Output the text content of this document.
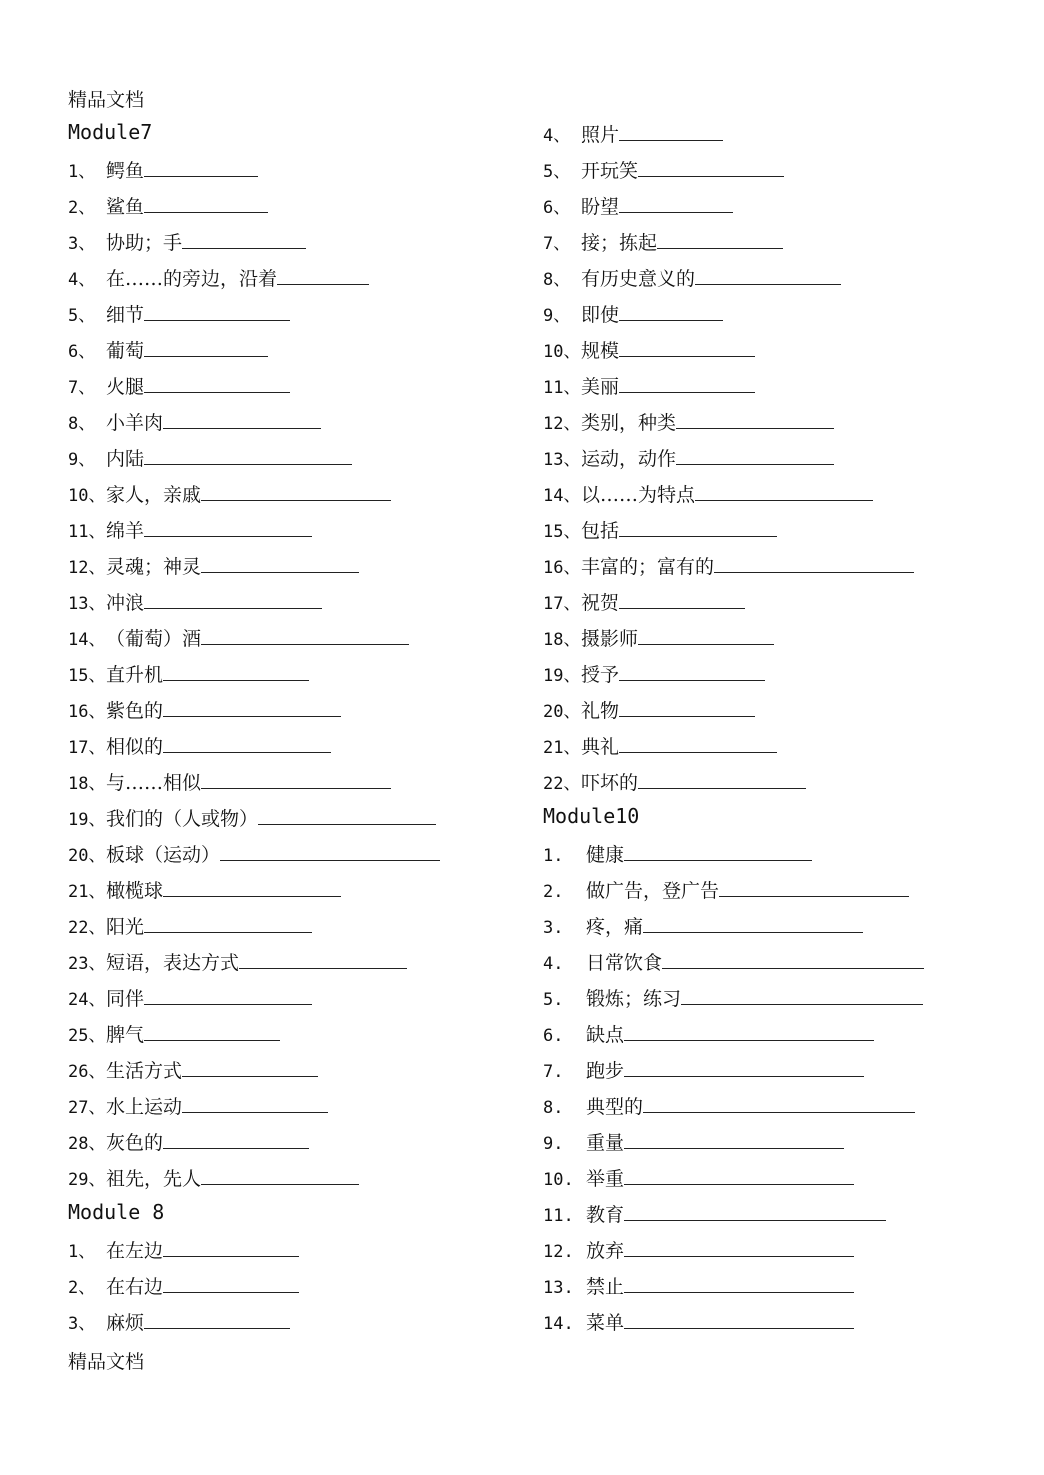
精品文档
Module7
1、 鳄鱼
2、 鲨鱼
3、 协助；手
4、 在……的旁边，沿着
5、 细节
6、 葡萄
7、 火腿
8、 小羊肉
9、 内陆
10、家人，亲戚
11、绵羊
12、灵魂；神灵
13、冲浪
14、（葡萄）酒
15、直升机
16、紫色的
17、相似的
18、与……相似
19、我们的（人或物）
20、板球（运动）
21、橄榄球
22、阳光
23、短语，表达方式
24、同伴
25、脾气
26、生活方式
27、水上运动
28、灰色的
29、祖先，先人
Module 8
1、 在左边
2、 在右边
3、 麻烦
4、 照片
5、 开玩笑
6、 盼望
7、 接；拣起
8、 有历史意义的
9、 即使
10、规模
11、美丽
12、类别，种类
13、运动，动作
14、以……为特点
15、包括
16、丰富的；富有的
17、祝贺
18、摄影师
19、授予
20、礼物
21、典礼
22、吓坏的
Module10
1. 健康
2. 做广告，登广告
3. 疼，痛
4. 日常饮食
5. 锻炼；练习
6. 缺点
7. 跑步
8. 典型的
9. 重量
10. 举重
11. 教育
12. 放弃
13. 禁止
14. 菜单
精品文档
